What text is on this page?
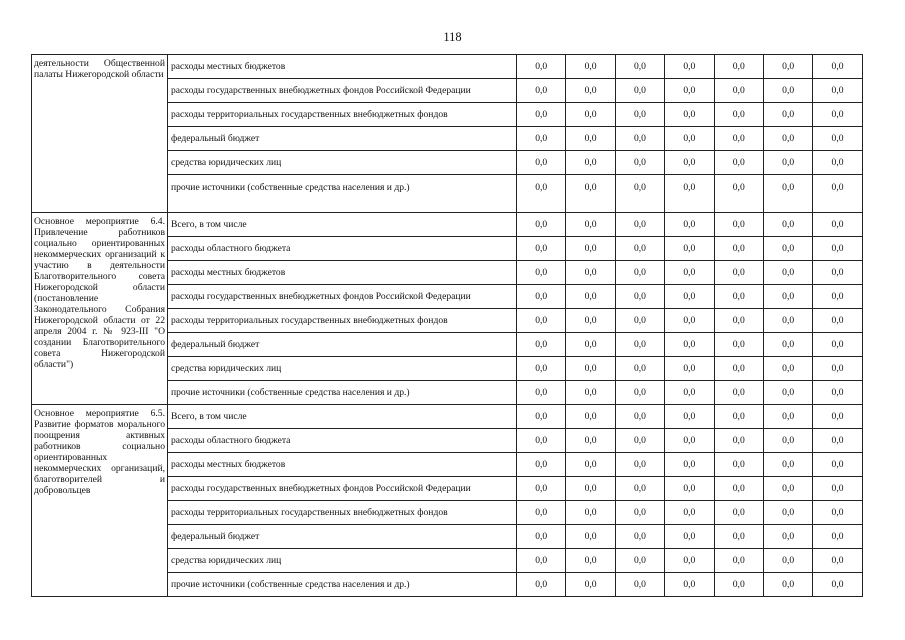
118
деятельности Общественной палаты Нижегородской области	расходы местных бюджетов	0,0	0,0	0,0	0,0	0,0	0,0	0,0
	расходы государственных внебюджетных фондов Российской Федерации	0,0	0,0	0,0	0,0	0,0	0,0	0,0
	расходы территориальных государственных внебюджетных фондов	0,0	0,0	0,0	0,0	0,0	0,0	0,0
	федеральный бюджет	0,0	0,0	0,0	0,0	0,0	0,0	0,0
	средства юридических лиц	0,0	0,0	0,0	0,0	0,0	0,0	0,0
	прочие источники (собственные средства населения и др.)	0,0	0,0	0,0	0,0	0,0	0,0	0,0
Основное мероприятие 6.4. Привлечение работников социально ориентированных некоммерческих организаций к участию в деятельности Благотворительного совета Нижегородской области (постановление Законодательного Собрания Нижегородской области от 22 апреля 2004 г. № 923-III "О создании Благотворительного совета Нижегородской области")	Всего, в том числе	0,0	0,0	0,0	0,0	0,0	0,0	0,0
	расходы областного бюджета	0,0	0,0	0,0	0,0	0,0	0,0	0,0
	расходы местных бюджетов	0,0	0,0	0,0	0,0	0,0	0,0	0,0
	расходы государственных внебюджетных фондов Российской Федерации	0,0	0,0	0,0	0,0	0,0	0,0	0,0
	расходы территориальных государственных внебюджетных фондов	0,0	0,0	0,0	0,0	0,0	0,0	0,0
	федеральный бюджет	0,0	0,0	0,0	0,0	0,0	0,0	0,0
	средства юридических лиц	0,0	0,0	0,0	0,0	0,0	0,0	0,0
	прочие источники (собственные средства населения и др.)	0,0	0,0	0,0	0,0	0,0	0,0	0,0
Основное мероприятие 6.5. Развитие форматов морального поощрения активных работников социально ориентированных некоммерческих организаций, благотворителей и добровольцев	Всего, в том числе	0,0	0,0	0,0	0,0	0,0	0,0	0,0
	расходы областного бюджета	0,0	0,0	0,0	0,0	0,0	0,0	0,0
	расходы местных бюджетов	0,0	0,0	0,0	0,0	0,0	0,0	0,0
	расходы государственных внебюджетных фондов Российской Федерации	0,0	0,0	0,0	0,0	0,0	0,0	0,0
	расходы территориальных государственных внебюджетных фондов	0,0	0,0	0,0	0,0	0,0	0,0	0,0
	федеральный бюджет	0,0	0,0	0,0	0,0	0,0	0,0	0,0
	средства юридических лиц	0,0	0,0	0,0	0,0	0,0	0,0	0,0
	прочие источники (собственные средства населения и др.)	0,0	0,0	0,0	0,0	0,0	0,0	0,0
